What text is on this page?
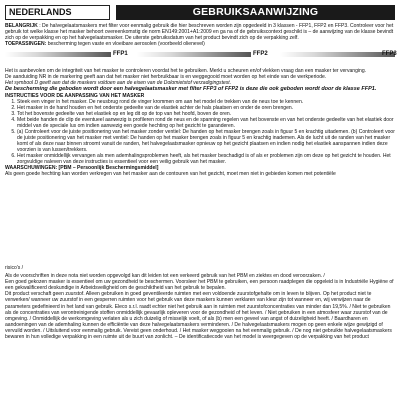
NEDERLANDS	GEBRUIKSAANWIJZING

BELANGRIJK : De halvegelaatsmaskers met filter voor eenmalig gebruik die hier beschreven worden zijn opgedeeld in 3 klassen - FFP1, FFP2 en FFP3. Controleer voor het gebruik tot welke klasse het masker behoort overeenkomstig de norm EN149:2001+A1:2009 en ga na of de gebruikscontext geschikt is – de aanwijzing van de klasse bevindt zich op de verpakking en op het halvegelaatsmasker. De uiterste gebruiksdatum van het product bevindt zich op de verpakking zelf.

TOEPASSINGEN: bescherming tegen vaste en vloeibare aerosolen (voorbeeld olienevel)

FFP1	FFP2	FFP3

Het is aanbevolen om de integriteit van het masker te controleren voordat het te gebruiken. Merkt u scheuren en/of vlekken vraag dan een masker ter vervanging.

De aanduiding NR in de markering geeft aan dat het masker niet herbruikbaar is en weggegooid moet worden op het einde van de werkperiode.

Het symbool D geeft aan dat de maskers voldoen aan de eisen van de Dolomietstof verzadigingstest.

De bescherming die geboden wordt door een halvegelaatsmasker met filter FFP3 of FFP2 is deze die ook geboden wordt door de klasse FFP1.

INSTRUCTIES VOOR DE AANPASSING VAN HET MASKER

1. Steek een vinger in het masker. De neusbrug rond de vinger krommen om aan het model de trekken van de neus toe te kennen.
2. Het masker in de hand houden en het onderste gedeelte van de elastiek achter de hals plaatsen en onder de oren brengen.
3. Tot het bovenste gedeelte van het elastiek op en leg dit op de top van het hoofd, boven de oren.
4. Met beide handen de clip de eventueel aanwezig is profileren rond de neus en de spanning regelen van het bovenste en van het onderste gedeelte van het elastiek door middel van de speciale lus om indien aanwezig een goede hechting op het gezicht te garanderen.
5. (a) Controleert voor de juiste positionering van het masker zonder ventiel: De handen op het masker brengen zoals in figuur 5 en krachtig uitademen. (b) Controleert voor de juiste positionering van het masker met ventiel: De handen op het masker brengen zoals in figuur 5 en krachtig inademen. Als de lucht uit de randen van het masker komt of als deze naar binnen stroomt vanuit de randen, het halvegelaatsmasker opnieuw op het gezicht plaatsen en indien nodig het elastiek aanspannen indien deze voorzien is van lussen/trekkers.
6. Het masker onmiddellijk vervangen als men ademhalingsproblemen heeft, als het masker beschadigd is of als er problemen zijn om deze op het gezicht te houden. Het zorgvuldige naleven van deze instructies is essentieel voor een veilig gebruik van het masker.

WAARSCHUWINGEN: [PBM – Persoonlijk Beschermingsmiddel]

Als geen goede hechting kan worden verkregen van het masker aan de contouren van het gezicht, moet men niet in gebieden komen met potentiële

risico's /

Als de voorschriften in deze nota niet worden opgevolgd kan dit leiden tot een verkeerd gebruik van het PBM en ziektes en dood veroorzaken. /

Een goed gekozen masker is essentieel om uw gezondheid te beschermen. Voorsleer het PBM te gebruiken, een persoon raadplegen die opgeleid is in Industriële Hygiëne of een gekwalificeerd deskundige in Arbeidsveiligheid om de geschiktheid van het gebruik te bepalen.

Dit product verschaft geen zuurstof. Alleen gebruiken in goed geventileerde ruimten met een voldoende zuurstofgehalte om in leven te blijven. Op het product niet te verwerken/ wanneer uw zuurstof in een gesperren ruimten voor het gebruik van deze maskers kunnen verklaren van kleur zijn tot wanneer en, wij verwijzen naar de parameters gedefinieerd in het land van gebruik. Eleco s.r.l. raadt echter niet het gebruik aan in ruimten met zuurstofconcentraties van minder dan 19,5%. / Niet te gebruiken als de concentraties van verontreinigende stoffen onmiddellijk gevaarlijk opleveren voor de gezondheid of het leven. / Niet gebruiken in een atmosfeer waar zuurstof van de omgeving. / Onmiddellijk de werkomgeving verlaten als u zich duizelig of misselijk voelt, of als (b) men een geveel van angst of duizeligheid heeft. / Baardharen en aandoeningen van de ademhaling kunnen de efficiëntie van deze halvegelaatsmaskers verminderen. / De halvegelaatsmaskers mogen op geen enkele wijze gewijzigd of vervuild worden. / Uitsluitend voor eenmalig gebruik. Vereist geen onderhoud. / Het masker weggooien na het eenmalig gebruik. / De nog niet gebruikte halvegelaatsmaskers bewaren in hun volledige verpakking in een ruimte uit de buurt van zonlicht. – De identificatiecode van het model is weergegeven op de verpakking van het product
